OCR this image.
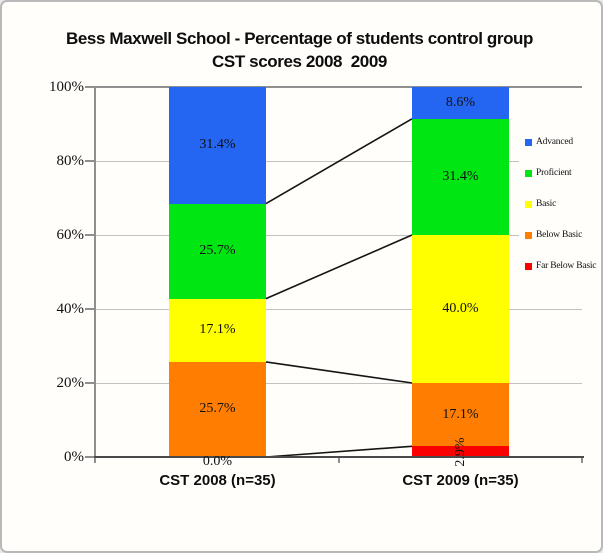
Bess Maxwell School - Percentage of students control group
CST scores 2008  2009
0%
20%
40%
60%
80%
100%
Advanced
Proficient
Basic
Below Basic
Far Below Basic
0.0%
25.7%
17.1%
25.7%
31.4%
CST 2008 (n=35)
2.9%
17.1%
40.0%
31.4%
8.6%
CST 2009 (n=35)
